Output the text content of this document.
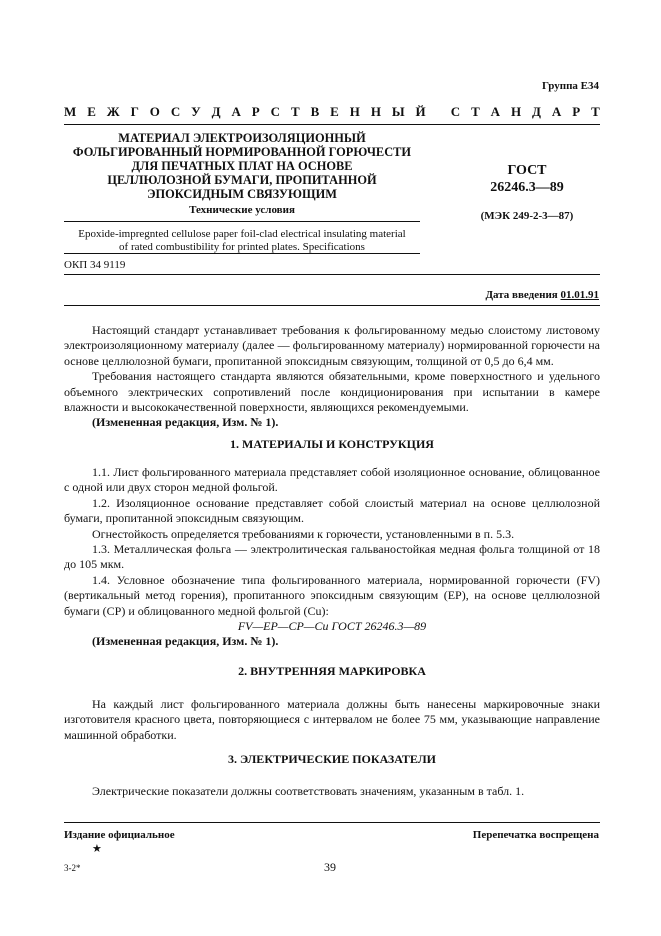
Группа Е34
М Е Ж Г О С У Д А Р С Т В Е Н Н Ы Й
С Т А Н Д А Р Т
МАТЕРИАЛ ЭЛЕКТРОИЗОЛЯЦИОННЫЙ
ФОЛЬГИРОВАННЫЙ НОРМИРОВАННОЙ ГОРЮЧЕСТИ
ДЛЯ ПЕЧАТНЫХ ПЛАТ НА ОСНОВЕ
ЦЕЛЛЮЛОЗНОЙ БУМАГИ, ПРОПИТАННОЙ
ЭПОКСИДНЫМ СВЯЗУЮЩИМ
Технические условия
Epoxide-impregnted cellulose paper foil-clad electrical insulating material
of rated combustibility for printed plates. Specifications
ОКП 34 9119
ГОСТ
26246.3—89
(МЭК 249-2-3—87)
Дата введения 01.01.91

Настоящий стандарт устанавливает требования к фольгированному медью слоистому листовому электроизоляционному материалу (далее — фольгированному материалу) нормированной горючести на основе целлюлозной бумаги, пропитанной эпоксидным связующим, толщиной от 0,5 до 6,4 мм.

Требования настоящего стандарта являются обязательными, кроме поверхностного и удельного объемного электрических сопротивлений после кондиционирования при испытании в камере влажности и высококачественной поверхности, являющихся рекомендуемыми.

(Измененная редакция, Изм. № 1).

1. МАТЕРИАЛЫ И КОНСТРУКЦИЯ

1.1. Лист фольгированного материала представляет собой изоляционное основание, облицованное с одной или двух сторон медной фольгой.

1.2. Изоляционное основание представляет собой слоистый материал на основе целлюлозной бумаги, пропитанной эпоксидным связующим.

Огнестойкость определяется требованиями к горючести, установленными в п. 5.3.

1.3. Металлическая фольга — электролитическая гальваностойкая медная фольга толщиной от 18 до 105 мкм.

1.4. Условное обозначение типа фольгированного материала, нормированной горючести (FV) (вертикальный метод горения), пропитанного эпоксидным связующим (EP), на основе целлюлозной бумаги (CP) и облицованного медной фольгой (Cu):

FV—EP—CP—Cu ГОСТ 26246.3—89

(Измененная редакция, Изм. № 1).

2. ВНУТРЕННЯЯ МАРКИРОВКА

На каждый лист фольгированного материала должны быть нанесены маркировочные знаки изготовителя красного цвета, повторяющиеся с интервалом не более 75 мм, указывающие направление машинной обработки.

3. ЭЛЕКТРИЧЕСКИЕ ПОКАЗАТЕЛИ

Электрические показатели должны соответствовать значениям, указанным в табл. 1.

Издание официальное
★
Перепечатка воспрещена
3-2*	39
